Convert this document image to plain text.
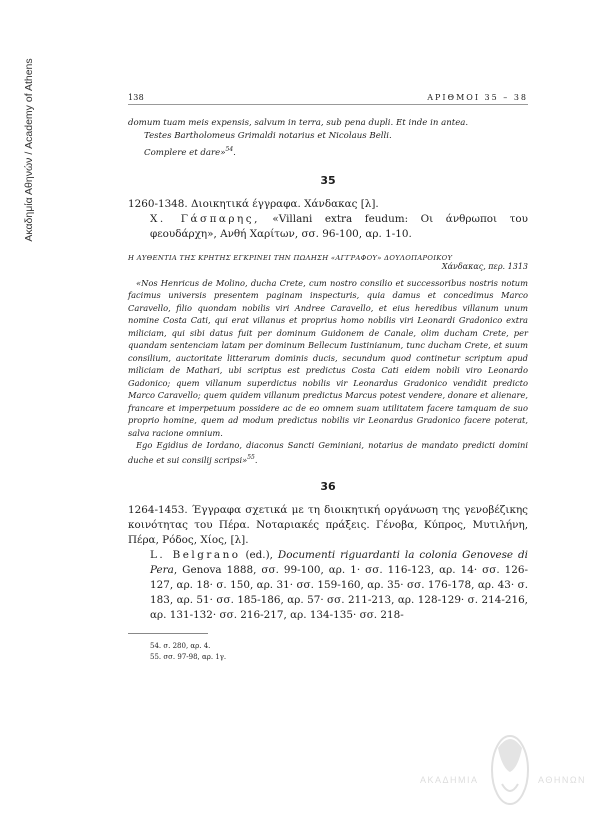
Ακαδημία Αθηνών / Academy of Athens	138	ΑΡΙΘΜΟΙ 35 – 38

domum tuam meis expensis, salvum in terra, sub pena dupli. Et inde in antea.

Testes Bartholomeus Grimaldi notarius et Nicolaus Belli.

Complere et dare»$^{54}$.

35

1260-1348. Διοικητικά έγγραφα. Χάνδακας [λ].

Χ. Γάσπαρης, «Villani extra feudum: Οι άνθρωποι του φεουδάρχη», Ανθή Χαρίτων, σσ. 96-100, αρ. 1-10.

Η ΑΥΘΕΝΤΙΑ ΤΗΣ ΚΡΗΤΗΣ ΕΓΚΡΙΝΕΙ ΤΗΝ ΠΩΛΗΣΗ «ΑΓΓΡΑΦΟΥ» ΔΟΥΛΟΠΑΡΟΙΚΟΥ
Χάνδακας, περ. 1313

«Nos Henricus de Molino, ducha Crete, cum nostro consilio et successoribus nostris notum facimus universis presentem paginam inspecturis, quia damus et concedimus Marco Caravello, filio quondam nobilis viri Andree Caravello, et eius heredibus villanum unum nomine Costa Cati, qui erat villanus et proprius homo nobilis viri Leonardi Gradonico extra miliciam, qui sibi datus fuit per dominum Guidonem de Canale, olim ducham Crete, per quandam sentenciam latam per dominum Bellecum Iustinianum, tunc ducham Crete, et suum consilium, auctoritate litterarum dominis ducis, secundum quod continetur scriptum apud miliciam de Mathari, ubi scriptus est predictus Costa Cati eidem nobili viro Leonardo Gadonico; quem villanum superdictus nobilis vir Leonardus Gradonico vendidit predicto Marco Caravello; quem quidem villanum predictus Marcus potest vendere, donare et alienare, francare et imperpetuum possidere ac de eo omnem suam utilitatem facere tamquam de suo proprio homine, quem ad modum predictus nobilis vir Leonardus Gradonico facere poterat, salva racione omnium.

Ego Egidius de Iordano, diaconus Sancti Geminiani, notarius de mandato predicti domini duche et sui consilij scripsi»$^{55}$.

36

1264-1453. Έγγραφα σχετικά με τη διοικητική οργάνωση της γενοβέζικης κοινότητας του Πέρα. Νοταριακές πράξεις. Γένοβα, Κύπρος, Μυτιλήνη, Πέρα, Ρόδος, Χίος, [λ].

L. Belgrano (ed.), Documenti riguardanti la colonia Genovese di Pera, Genova 1888, σσ. 99-100, αρ. 1· σσ. 116-123, αρ. 14· σσ. 126-127, αρ. 18· σ. 150, αρ. 31· σσ. 159-160, αρ. 35· σσ. 176-178, αρ. 43· σ. 183, αρ. 51· σσ. 185-186, αρ. 57· σσ. 211-213, αρ. 128-129· σ. 214-216, αρ. 131-132· σσ. 216-217, αρ. 134-135· σσ. 218-

54. σ. 280, αρ. 4.
55. σσ. 97-98, αρ. 1γ.
ΑΚΑΔΗΜΙΑ	ΑΘΗΝΩΝ
